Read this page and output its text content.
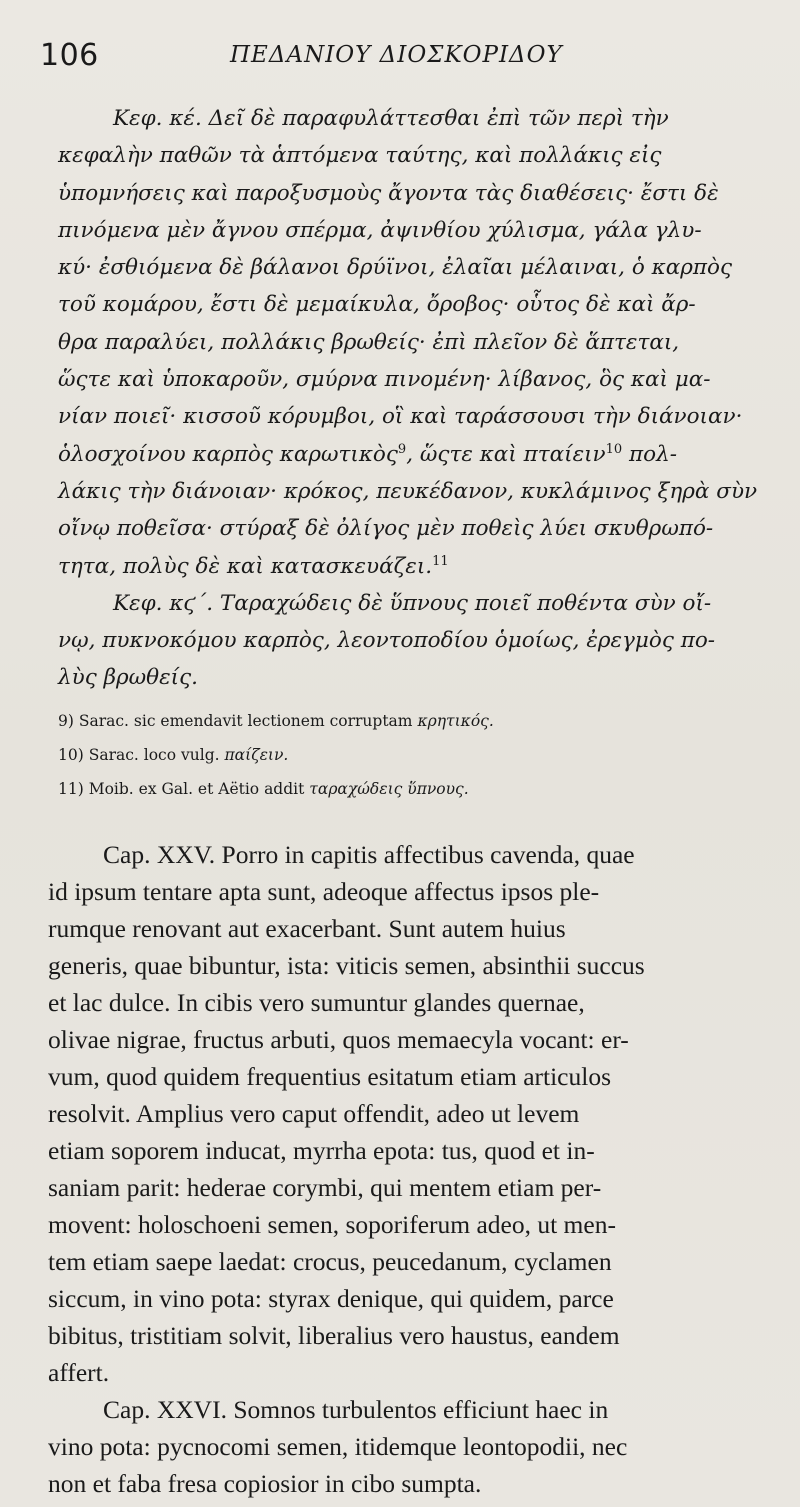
106	ΠΕΔΑΝΙΟΥ ΔΙΟΣΚΟΡΙΔΟΥ
Κεφ. κέ. Δεῖ δὲ παραφυλάττεσθαι ἐπὶ τῶν περὶ τὴν
κεφαλὴν παθῶν τὰ ἁπτόμενα ταύτης, καὶ πολλάκις εἰς
ὑπομνήσεις καὶ παροξυσμοὺς ἄγοντα τὰς διαθέσεις· ἔστι δὲ
πινόμενα μὲν ἄγνου σπέρμα, ἀψινθίου χύλισμα, γάλα γλυ-
κύ· ἐσθιόμενα δὲ βάλανοι δρύϊνοι, ἐλαῖαι μέλαιναι, ὁ καρπὸς
τοῦ κομάρου, ἔστι δὲ μεμαίκυλα, ὄροβος· οὗτος δὲ καὶ ἄρ-
θρα παραλύει, πολλάκις βρωθείς· ἐπὶ πλεῖον δὲ ἅπτεται,
ὥςτε καὶ ὑποκαροῦν, σμύρνα πινομένη· λίβανος, ὃς καὶ μα-
νίαν ποιεῖ· κισσοῦ κόρυμβοι, οἳ καὶ ταράσσουσι τὴν διάνοιαν·
ὁλοσχοίνου καρπὸς καρωτικὸς$^9$, ὥςτε καὶ πταίειν$^{10}$ πολ-
λάκις τὴν διάνοιαν· κρόκος, πευκέδανον, κυκλάμινος ξηρὰ σὺν
οἴνῳ ποθεῖσα· στύραξ δὲ ὀλίγος μὲν ποθεὶς λύει σκυθρωπό-
τητα, πολὺς δὲ καὶ κατασκευάζει.$^{11}$
Κεφ. κϛ΄. Ταραχώδεις δὲ ὕπνους ποιεῖ ποθέντα σὺν οἴ-
νῳ, πυκνοκόμου καρπὸς, λεοντοποδίου ὁμοίως, ἐρεγμὸς πο-
λὺς βρωθείς.
9) Sarac. sic emendavit lectionem corruptam κρητικός.
10) Sarac. loco vulg. παίζειν.
11) Moib. ex Gal. et Aëtio addit ταραχώδεις ὕπνους.
Cap. XXV. Porro in capitis affectibus cavenda, quae
id ipsum tentare apta sunt, adeoque affectus ipsos ple-
rumque renovant aut exacerbant. Sunt autem huius
generis, quae bibuntur, ista: viticis semen, absinthii succus
et lac dulce. In cibis vero sumuntur glandes quernae,
olivae nigrae, fructus arbuti, quos memaecyla vocant: er-
vum, quod quidem frequentius esitatum etiam articulos
resolvit. Amplius vero caput offendit, adeo ut levem
etiam soporem inducat, myrrha epota: tus, quod et in-
saniam parit: hederae corymbi, qui mentem etiam per-
movent: holoschoeni semen, soporiferum adeo, ut men-
tem etiam saepe laedat: crocus, peucedanum, cyclamen
siccum, in vino pota: styrax denique, qui quidem, parce
bibitus, tristitiam solvit, liberalius vero haustus, eandem
affert.
Cap. XXVI. Somnos turbulentos efficiunt haec in
vino pota: pycnocomi semen, itidemque leontopodii, nec
non et faba fresa copiosior in cibo sumpta.
